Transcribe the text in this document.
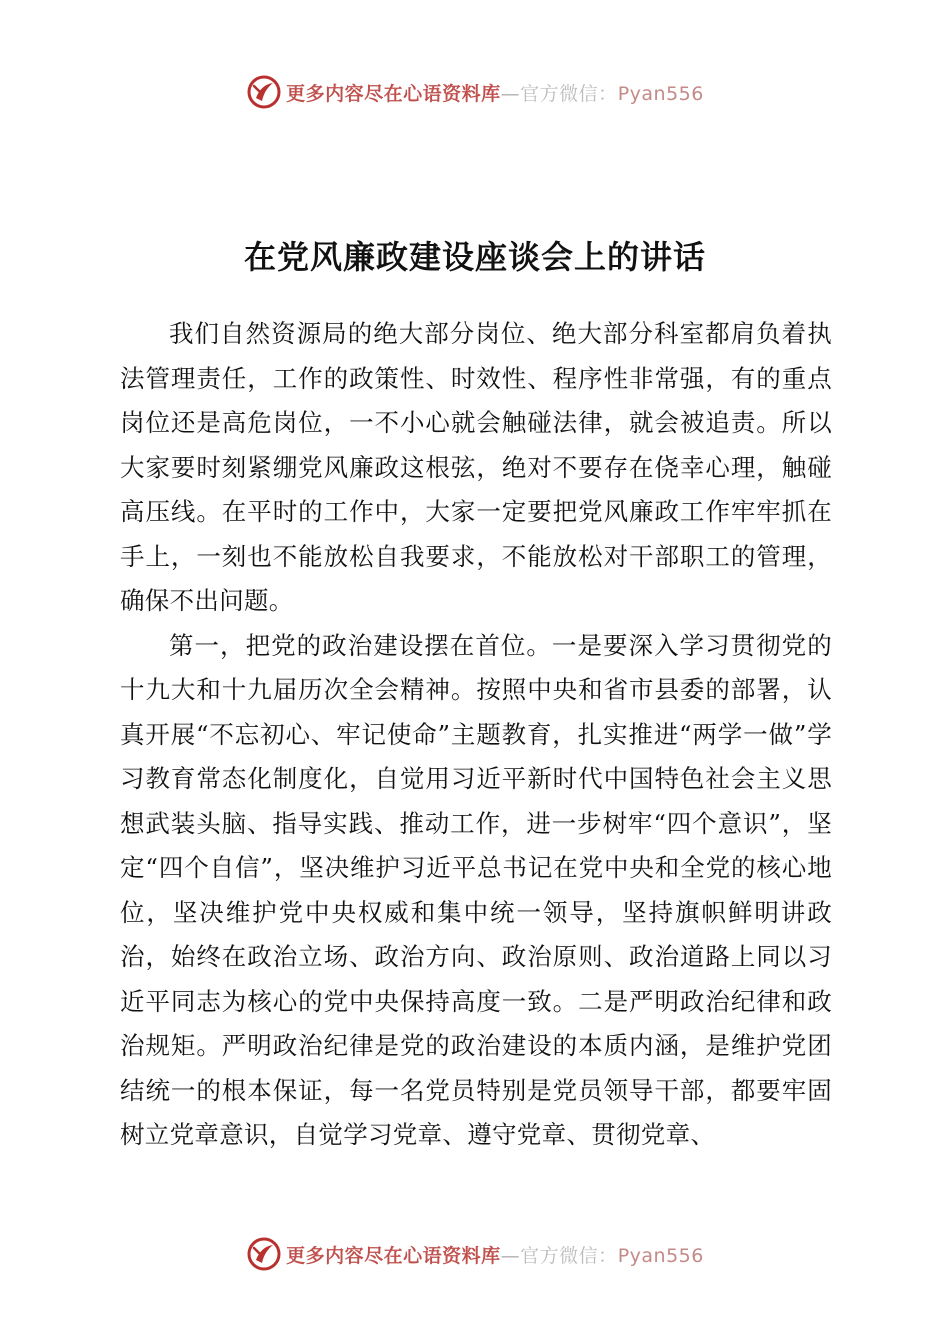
更多内容尽在心语资料库—官方微信：Pyan556
在党风廉政建设座谈会上的讲话

我们自然资源局的绝大部分岗位、绝大部分科室都肩负着执法管理责任，工作的政策性、时效性、程序性非常强，有的重点岗位还是高危岗位，一不小心就会触碰法律，就会被追责。所以大家要时刻紧绷党风廉政这根弦，绝对不要存在侥幸心理，触碰高压线。在平时的工作中，大家一定要把党风廉政工作牢牢抓在手上，一刻也不能放松自我要求，不能放松对干部职工的管理，确保不出问题。

第一，把党的政治建设摆在首位。一是要深入学习贯彻党的十九大和十九届历次全会精神。按照中央和省市县委的部署，认真开展“不忘初心、牢记使命”主题教育，扎实推进“两学一做”学习教育常态化制度化，自觉用习近平新时代中国特色社会主义思想武装头脑、指导实践、推动工作，进一步树牢“四个意识”，坚定“四个自信”，坚决维护习近平总书记在党中央和全党的核心地位，坚决维护党中央权威和集中统一领导，坚持旗帜鲜明讲政治，始终在政治立场、政治方向、政治原则、政治道路上同以习近平同志为核心的党中央保持高度一致。二是严明政治纪律和政治规矩。严明政治纪律是党的政治建设的本质内涵，是维护党团结统一的根本保证，每一名党员特别是党员领导干部，都要牢固树立党章意识，自觉学习党章、遵守党章、贯彻党章、

更多内容尽在心语资料库—官方微信：Pyan556
